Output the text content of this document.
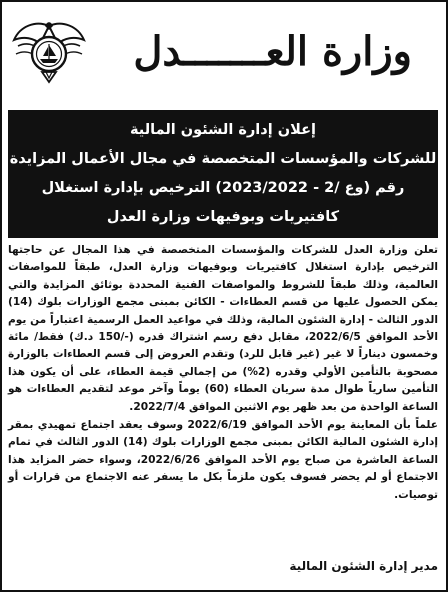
وزارة العـــــــدل
إعلان إدارة الشئون المالية
للشركات والمؤسسات المتخصصة في مجال الأعمال المزايدة
رقم (وع /2 - 2023/2022) الترخيص بإدارة استغلال
كافتيريات وبوفيهات وزارة العدل

تعلن وزارة العدل للشركات والمؤسسات المتخصصة في هذا المجال عن حاجتها الترخيص بإدارة استغلال كافتيريات وبوفيهات وزارة العدل، طبقاً للمواصفات العالمية، وذلك طبقاً للشروط والمواصفات الفنية المحددة بوثائق المزايدة والتي يمكن الحصول عليها من قسم العطاءات - الكائن بمبنى مجمع الوزارات بلوك (14) الدور الثالث - إدارة الشئون المالية، وذلك في مواعيد العمل الرسمية اعتباراً من يوم الأحد الموافق 2022/6/5، مقابل دفع رسم اشتراك قدره (-/150 د.ك) فقط/ مائة وخمسون ديناراً لا غير (غير قابل للرد) وتقدم العروض إلى قسم العطاءات بالوزارة مصحوبة بالتأمين الأولي وقدره (2%) من إجمالي قيمة العطاء، على أن يكون هذا التأمين سارياً طوال مدة سريان العطاء (60) يوماً وآخر موعد لتقديم العطاءات هو الساعة الواحدة من بعد ظهر يوم الاثنين الموافق 2022/7/4.

علماً بأن المعاينة يوم الأحد الموافق 2022/6/19 وسوف يعقد اجتماع تمهيدي بمقر إدارة الشئون المالية الكائن بمبنى مجمع الوزارات بلوك (14) الدور الثالث في تمام الساعة العاشرة من صباح يوم الأحد الموافق 2022/6/26، وسواء حضر المزايد هذا الاجتماع أو لم يحضر فسوف يكون ملزماً بكل ما يسفر عنه الاجتماع من قرارات أو توصيات.

مدير إدارة الشئون المالية
